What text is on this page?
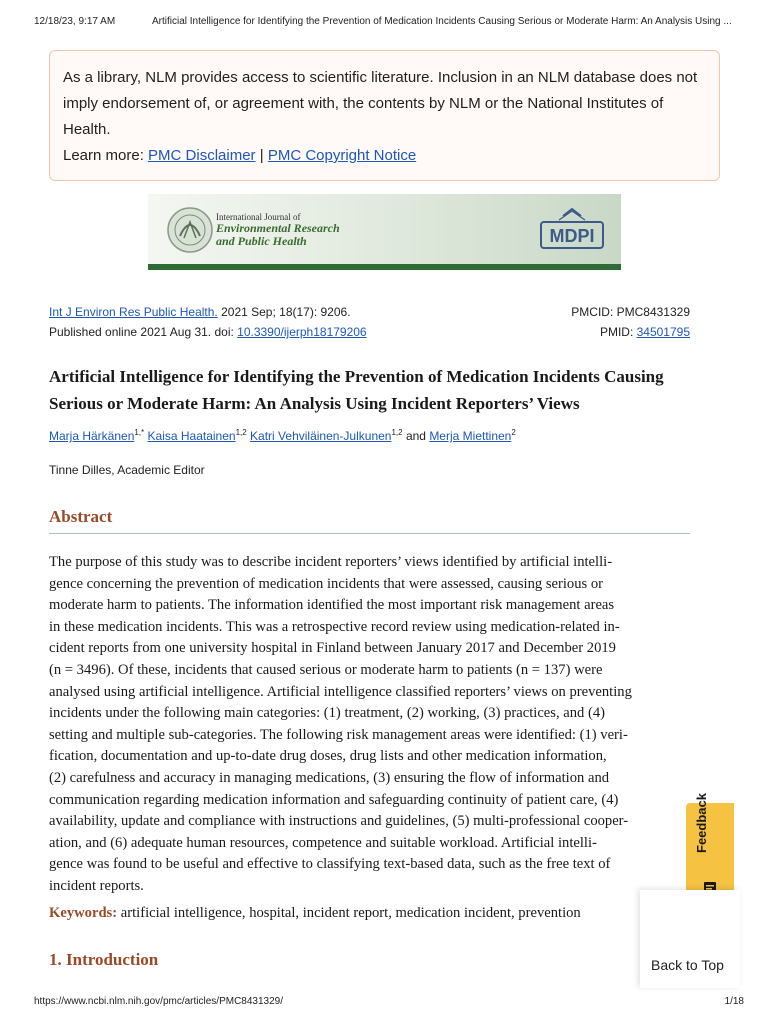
12/18/23, 9:17 AM	Artificial Intelligence for Identifying the Prevention of Medication Incidents Causing Serious or Moderate Harm: An Analysis Using ...
As a library, NLM provides access to scientific literature. Inclusion in an NLM database does not imply endorsement of, or agreement with, the contents by NLM or the National Institutes of Health.
Learn more: PMC Disclaimer | PMC Copyright Notice
International Journal of
Environmental Research
and Public Health	MDPI
Int J Environ Res Public Health. 2021 Sep; 18(17): 9206.	PMCID: PMC8431329
Published online 2021 Aug 31. doi: 10.3390/ijerph18179206	PMID: 34501795
Artificial Intelligence for Identifying the Prevention of Medication Incidents Causing Serious or Moderate Harm: An Analysis Using Incident Reporters’ Views
Marja Härkänen$^{1,*}$ Kaisa Haatainen$^{1,2}$ Katri Vehviläinen-Julkunen$^{1,2}$ and Merja Miettinen$^2$
Tinne Dilles, Academic Editor
Abstract
The purpose of this study was to describe incident reporters’ views identified by artificial intelli-
gence concerning the prevention of medication incidents that were assessed, causing serious or
moderate harm to patients. The information identified the most important risk management areas
in these medication incidents. This was a retrospective record review using medication-related in-
cident reports from one university hospital in Finland between January 2017 and December 2019
(n = 3496). Of these, incidents that caused serious or moderate harm to patients (n = 137) were
analysed using artificial intelligence. Artificial intelligence classified reporters’ views on preventing
incidents under the following main categories: (1) treatment, (2) working, (3) practices, and (4)
setting and multiple sub-categories. The following risk management areas were identified: (1) veri-
fication, documentation and up-to-date drug doses, drug lists and other medication information,
(2) carefulness and accuracy in managing medications, (3) ensuring the flow of information and
communication regarding medication information and safeguarding continuity of patient care, (4)
availability, update and compliance with instructions and guidelines, (5) multi-professional cooper-
ation, and (6) adequate human resources, competence and suitable workload. Artificial intelli-
gence was found to be useful and effective to classifying text-based data, such as the free text of
incident reports.
Keywords: artificial intelligence, hospital, incident report, medication incident, prevention
1. Introduction
Feedback
Back to Top
https://www.ncbi.nlm.nih.gov/pmc/articles/PMC8431329/	1/18
